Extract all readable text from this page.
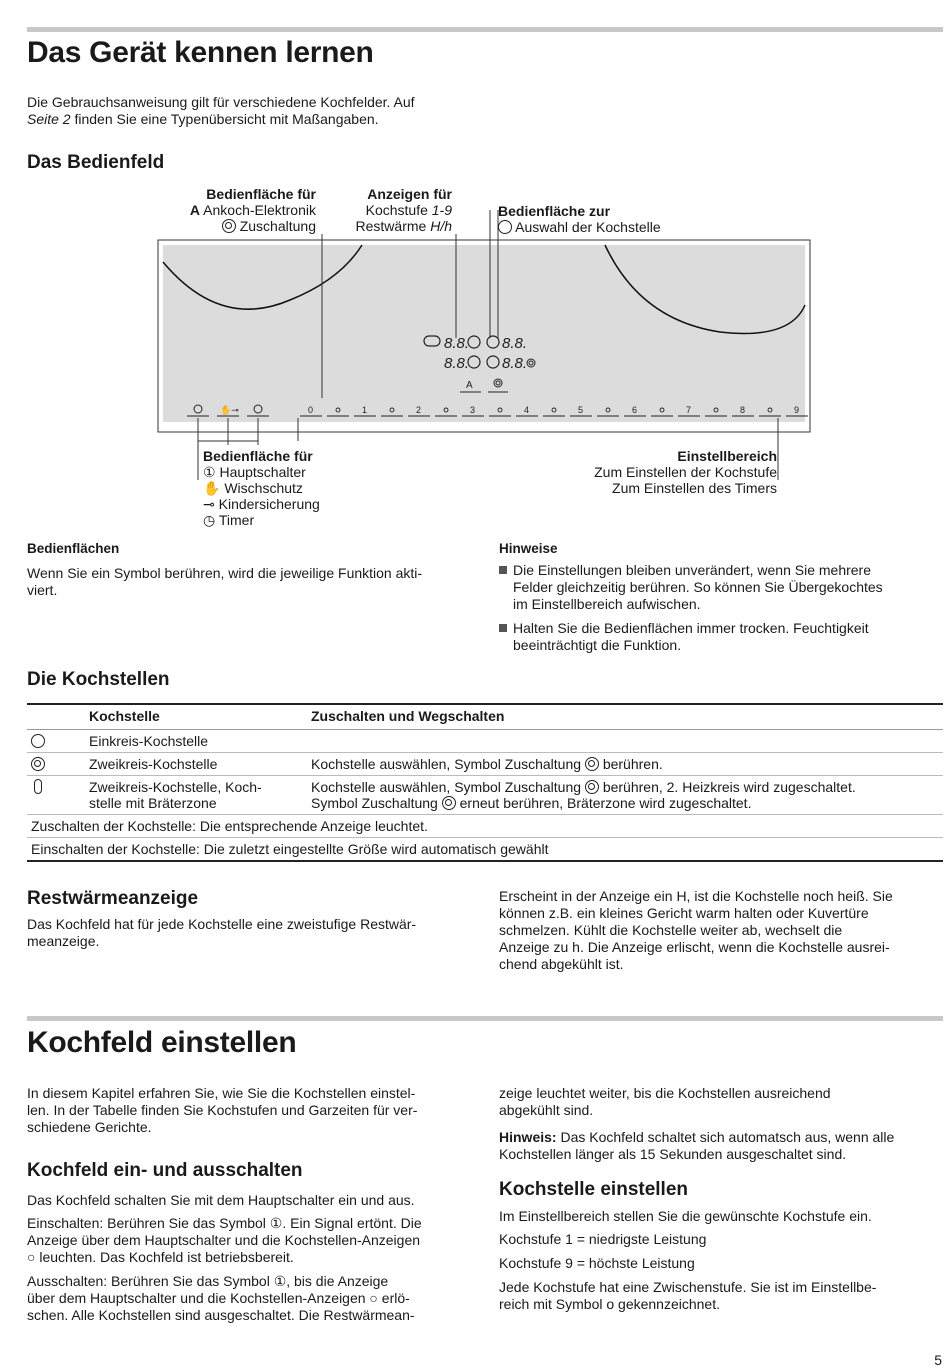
Das Gerät kennen lernen

Die Gebrauchsanweisung gilt für verschiedene Kochfelder. Auf
Seite 2 finden Sie eine Typenübersicht mit Maßangaben.

Das Bedienfeld
Bedienfläche für
A Ankoch-Elektronik
Zuschaltung
Anzeigen für
Kochstufe 1-9
Restwärme H/h
Bedienfläche zur
Auswahl der Kochstelle
8.8. 8.8.
8.8. 8.8.
A
✋⊸	0	1	2	3	4	5	6	7	8	9
Bedienfläche für
① Hauptschalter
✋ Wischschutz
⊸ Kindersicherung
◷ Timer
Einstellbereich
Zum Einstellen der Kochstufe
Zum Einstellen des Timers
Bedienflächen

Wenn Sie ein Symbol berühren, wird die jeweilige Funktion akti-
viert.

Hinweise

Die Einstellungen bleiben unverändert, wenn Sie mehrere
Felder gleichzeitig berühren. So können Sie Übergekochtes
im Einstellbereich aufwischen.

Halten Sie die Bedienflächen immer trocken. Feuchtigkeit
beeinträchtigt die Funktion.

Die Kochstellen
	Kochstelle	Zuschalten und Wegschalten
	Einkreis-Kochstelle	
	Zweikreis-Kochstelle	Kochstelle auswählen, Symbol Zuschaltung  berühren.
	Zweikreis-Kochstelle, Koch-
stelle mit Bräterzone	Kochstelle auswählen, Symbol Zuschaltung  berühren, 2. Heizkreis wird zugeschaltet.
Symbol Zuschaltung  erneut berühren, Bräterzone wird zugeschaltet.
Zuschalten der Kochstelle: Die entsprechende Anzeige leuchtet.		
Einschalten der Kochstelle: Die zuletzt eingestellte Größe wird automatisch gewählt		
Restwärmeanzeige

Das Kochfeld hat für jede Kochstelle eine zweistufige Restwär-
meanzeige.

Erscheint in der Anzeige ein H, ist die Kochstelle noch heiß. Sie
können z.B. ein kleines Gericht warm halten oder Kuvertüre
schmelzen. Kühlt die Kochstelle weiter ab, wechselt die
Anzeige zu h. Die Anzeige erlischt, wenn die Kochstelle ausrei-
chend abgekühlt ist.

Kochfeld einstellen

In diesem Kapitel erfahren Sie, wie Sie die Kochstellen einstel-
len. In der Tabelle finden Sie Kochstufen und Garzeiten für ver-
schiedene Gerichte.

Kochfeld ein- und ausschalten

Das Kochfeld schalten Sie mit dem Hauptschalter ein und aus.

Einschalten: Berühren Sie das Symbol ①. Ein Signal ertönt. Die
Anzeige über dem Hauptschalter und die Kochstellen-Anzeigen
○ leuchten. Das Kochfeld ist betriebsbereit.

Ausschalten: Berühren Sie das Symbol ①, bis die Anzeige
über dem Hauptschalter und die Kochstellen-Anzeigen ○ erlö-
schen. Alle Kochstellen sind ausgeschaltet. Die Restwärmean-

zeige leuchtet weiter, bis die Kochstellen ausreichend
abgekühlt sind.

Hinweis: Das Kochfeld schaltet sich automatsch aus, wenn alle
Kochstellen länger als 15 Sekunden ausgeschaltet sind.

Kochstelle einstellen

Im Einstellbereich stellen Sie die gewünschte Kochstufe ein.

Kochstufe 1 = niedrigste Leistung

Kochstufe 9 = höchste Leistung

Jede Kochstufe hat eine Zwischenstufe. Sie ist im Einstellbe-
reich mit Symbol o gekennzeichnet.

5
